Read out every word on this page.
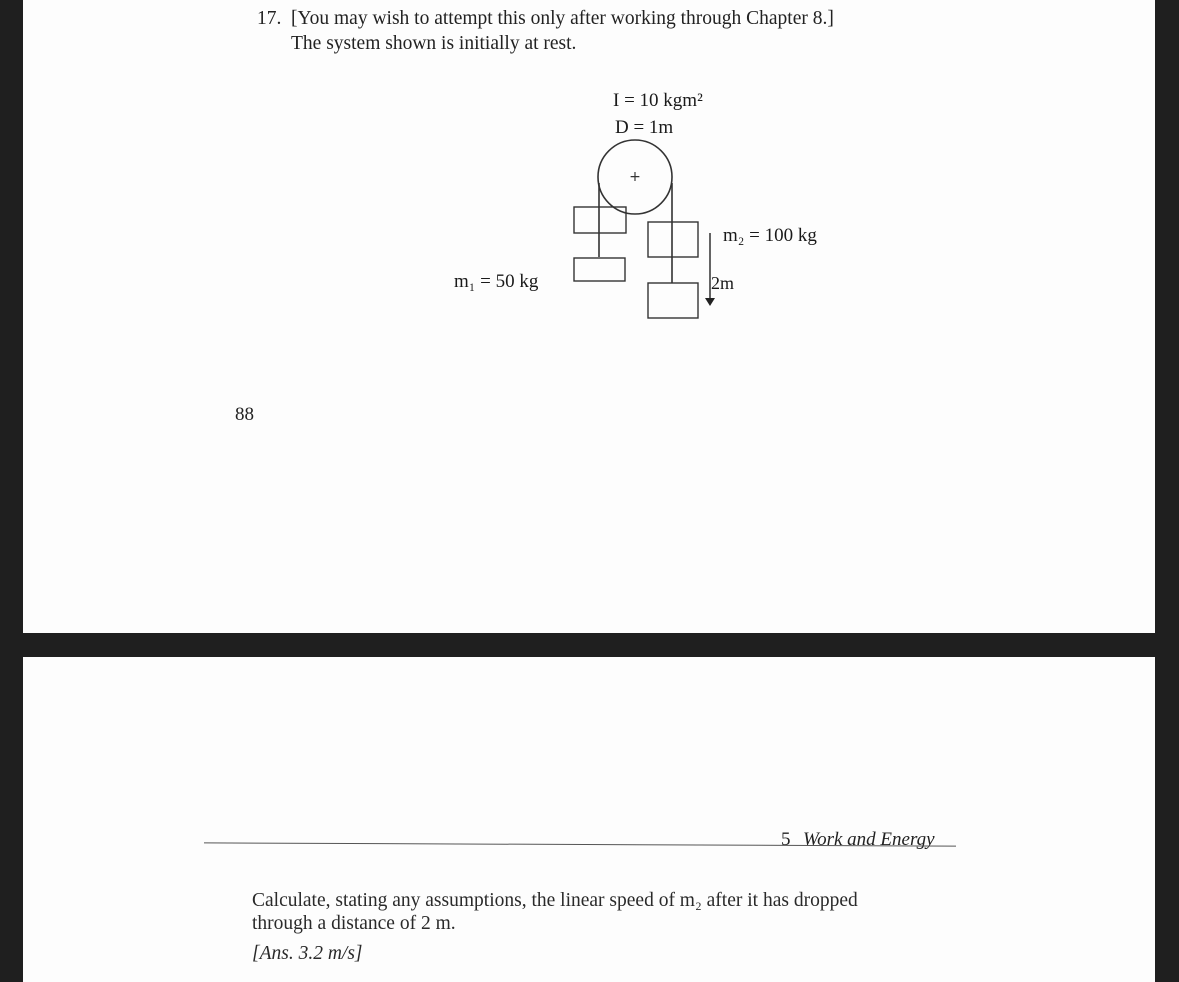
17. [You may wish to attempt this only after working through Chapter 8.]
The system shown is initially at rest.
I = 10 kgm²
D = 1m
m₁ = 50 kg
m₂ = 100 kg
2m
+
88
5 Work and Energy
Calculate, stating any assumptions, the linear speed of m₂ after it has dropped
through a distance of 2 m.
[Ans. 3.2 m/s]
